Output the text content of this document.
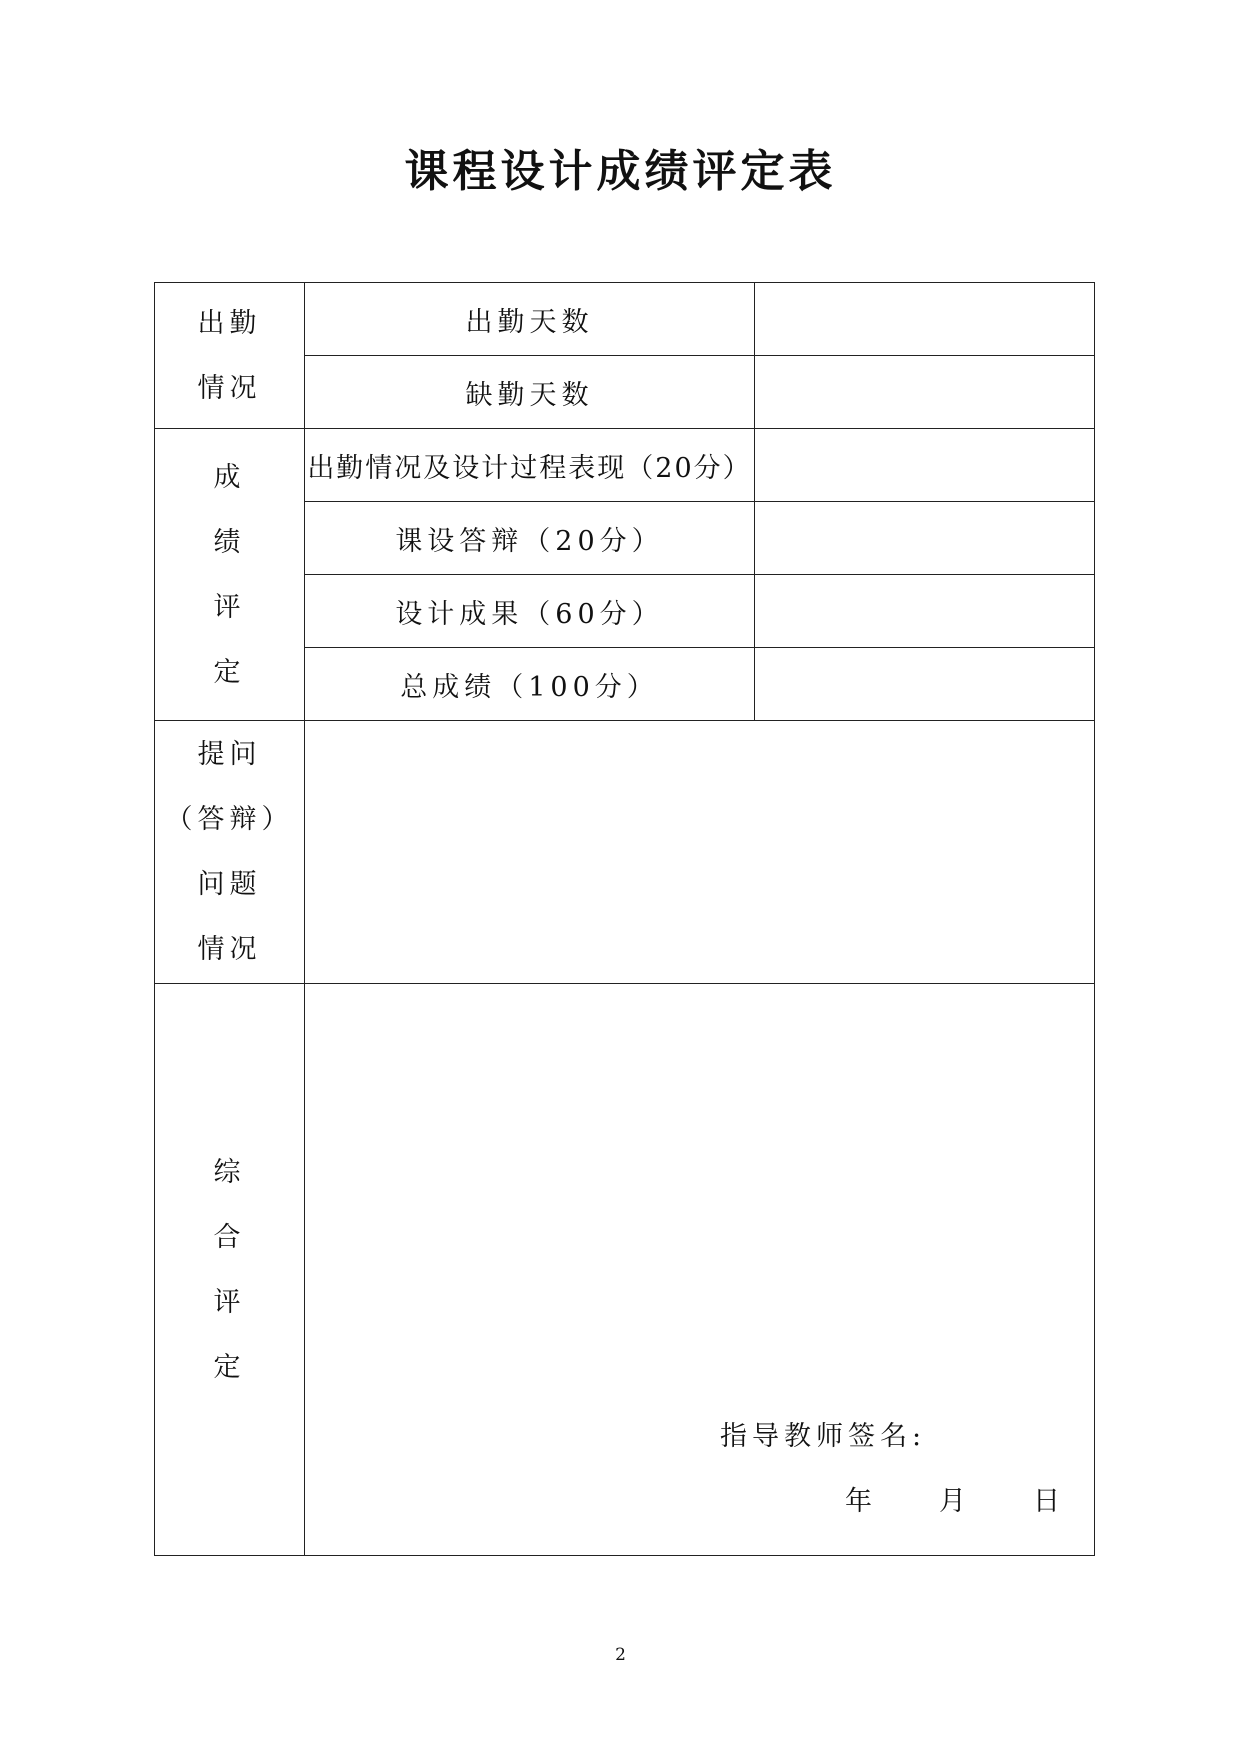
课程设计成绩评定表
出勤
情况	出勤天数	
	缺勤天数	

成
绩
评
定	出勤情况及设计过程表现（20分）	
	课设答辩（20分）	
	设计成果（60分）	
	总成绩（100分）	

提问
（答辩）
问题
情况		

综
合
评
定	指导教师签名:
年 月 日	
2
